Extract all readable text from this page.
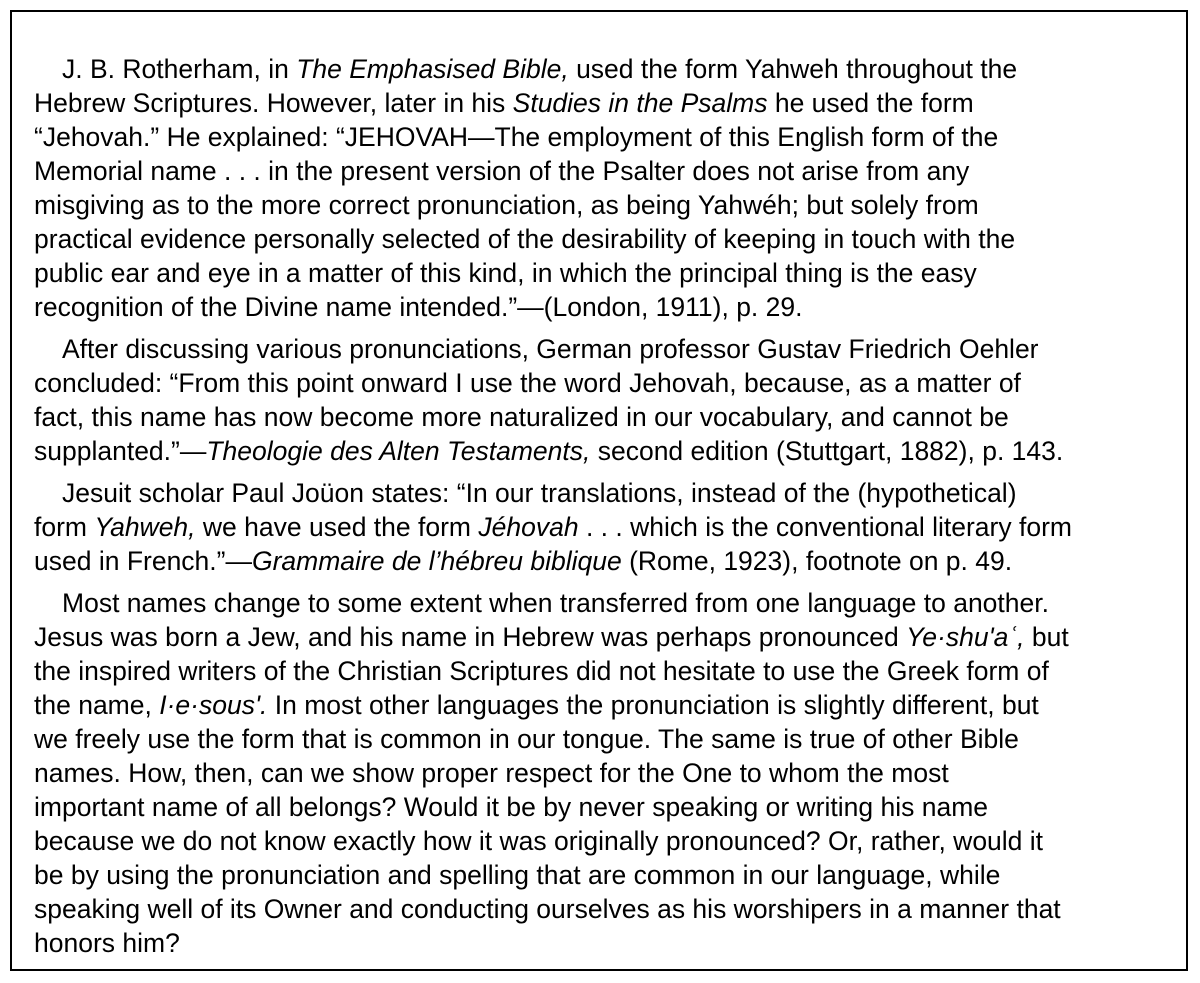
J. B. Rotherham, in The Emphasised Bible, used the form Yahweh throughout the
Hebrew Scriptures. However, later in his Studies in the Psalms he used the form
“Jehovah.” He explained: “JEHOVAH—The employment of this English form of the
Memorial name . . . in the present version of the Psalter does not arise from any
misgiving as to the more correct pronunciation, as being Yahwéh; but solely from
practical evidence personally selected of the desirability of keeping in touch with the
public ear and eye in a matter of this kind, in which the principal thing is the easy
recognition of the Divine name intended.”—(London, 1911), p. 29.
After discussing various pronunciations, German professor Gustav Friedrich Oehler
concluded: “From this point onward I use the word Jehovah, because, as a matter of
fact, this name has now become more naturalized in our vocabulary, and cannot be
supplanted.”—Theologie des Alten Testaments, second edition (Stuttgart, 1882), p. 143.
Jesuit scholar Paul Joüon states: “In our translations, instead of the (hypothetical)
form Yahweh, we have used the form Jéhovah . . . which is the conventional literary form
used in French.”—Grammaire de l’hébreu biblique (Rome, 1923), footnote on p. 49.
Most names change to some extent when transferred from one language to another.
Jesus was born a Jew, and his name in Hebrew was perhaps pronounced Ye·shu'aʿ, but
the inspired writers of the Christian Scriptures did not hesitate to use the Greek form of
the name, I·e·sous'. In most other languages the pronunciation is slightly different, but
we freely use the form that is common in our tongue. The same is true of other Bible
names. How, then, can we show proper respect for the One to whom the most
important name of all belongs? Would it be by never speaking or writing his name
because we do not know exactly how it was originally pronounced? Or, rather, would it
be by using the pronunciation and spelling that are common in our language, while
speaking well of its Owner and conducting ourselves as his worshipers in a manner that
honors him?
